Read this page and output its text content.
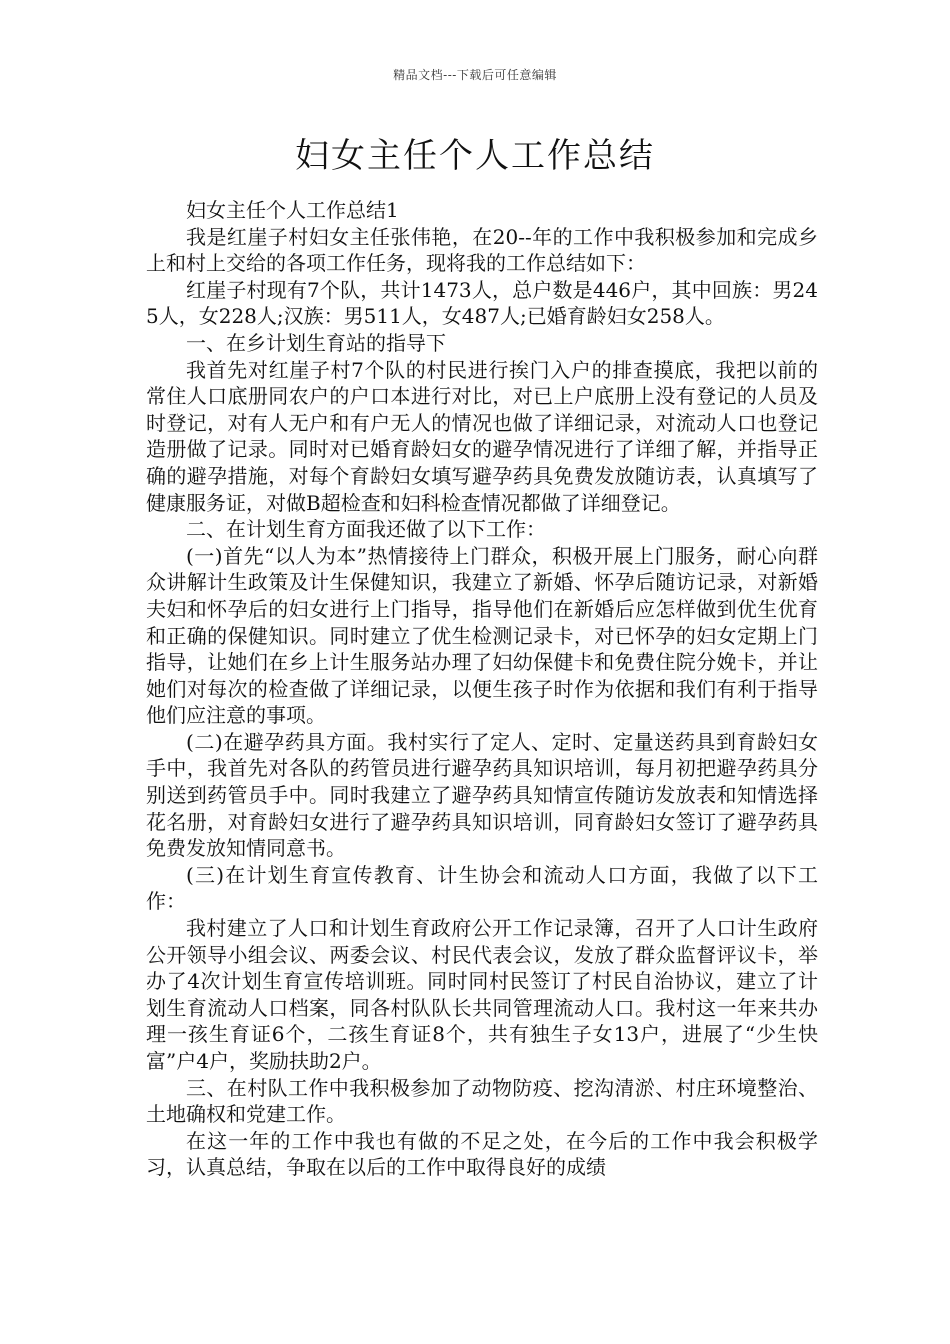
精品文档---下载后可任意编辑
妇女主任个人工作总结

妇女主任个人工作总结1

我是红崖子村妇女主任张伟艳，在20--年的工作中我积极参加和完成乡上和村上交给的各项工作任务，现将我的工作总结如下：

红崖子村现有7个队，共计1473人，总户数是446户，其中回族：男245人，女228人;汉族：男511人，女487人;已婚育龄妇女258人。

一、在乡计划生育站的指导下

我首先对红崖子村7个队的村民进行挨门入户的排查摸底，我把以前的常住人口底册同农户的户口本进行对比，对已上户底册上没有登记的人员及时登记，对有人无户和有户无人的情况也做了详细记录，对流动人口也登记造册做了记录。同时对已婚育龄妇女的避孕情况进行了详细了解，并指导正确的避孕措施，对每个育龄妇女填写避孕药具免费发放随访表，认真填写了健康服务证，对做B超检查和妇科检查情况都做了详细登记。

二、在计划生育方面我还做了以下工作：

(一)首先“以人为本”热情接待上门群众，积极开展上门服务，耐心向群众讲解计生政策及计生保健知识，我建立了新婚、怀孕后随访记录，对新婚夫妇和怀孕后的妇女进行上门指导，指导他们在新婚后应怎样做到优生优育和正确的保健知识。同时建立了优生检测记录卡，对已怀孕的妇女定期上门指导，让她们在乡上计生服务站办理了妇幼保健卡和免费住院分娩卡，并让她们对每次的检查做了详细记录，以便生孩子时作为依据和我们有利于指导他们应注意的事项。

(二)在避孕药具方面。我村实行了定人、定时、定量送药具到育龄妇女手中，我首先对各队的药管员进行避孕药具知识培训，每月初把避孕药具分别送到药管员手中。同时我建立了避孕药具知情宣传随访发放表和知情选择花名册，对育龄妇女进行了避孕药具知识培训，同育龄妇女签订了避孕药具免费发放知情同意书。

(三)在计划生育宣传教育、计生协会和流动人口方面，我做了以下工作：

我村建立了人口和计划生育政府公开工作记录簿，召开了人口计生政府公开领导小组会议、两委会议、村民代表会议，发放了群众监督评议卡，举办了4次计划生育宣传培训班。同时同村民签订了村民自治协议，建立了计划生育流动人口档案，同各村队队长共同管理流动人口。我村这一年来共办理一孩生育证6个，二孩生育证8个，共有独生子女13户，进展了“少生快富”户4户，奖励扶助2户。

三、在村队工作中我积极参加了动物防疫、挖沟清淤、村庄环境整治、土地确权和党建工作。

在这一年的工作中我也有做的不足之处，在今后的工作中我会积极学习，认真总结，争取在以后的工作中取得良好的成绩
